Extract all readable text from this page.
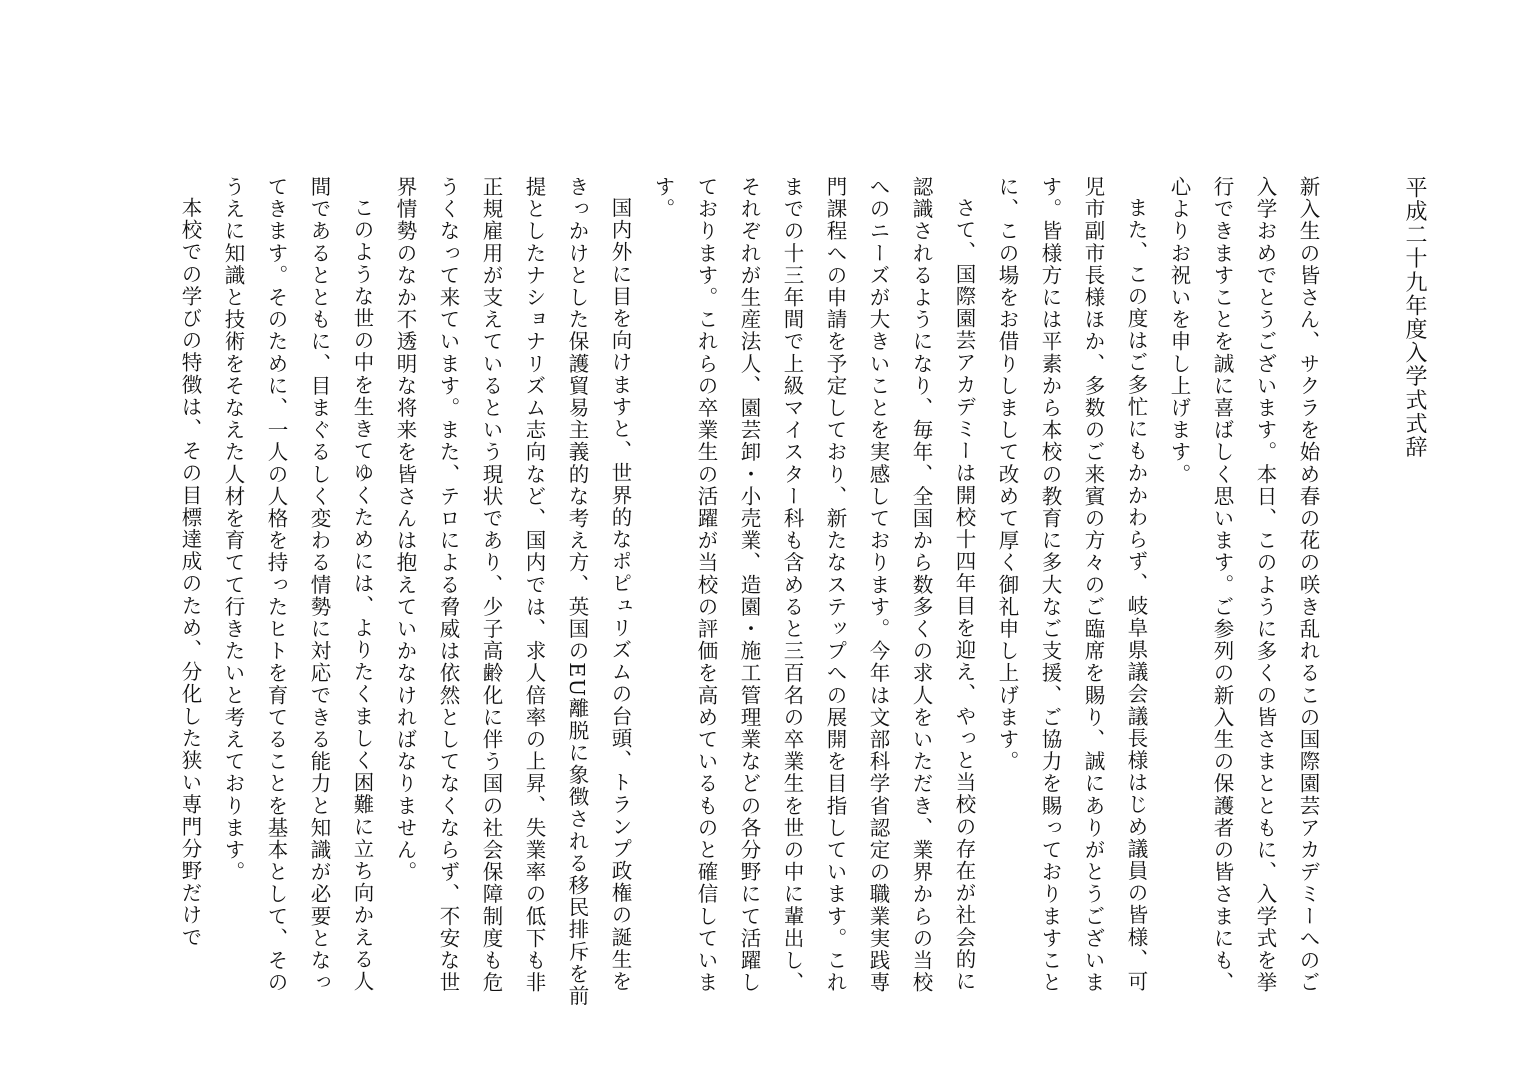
平成二十九年度入学式式辞

新入生の皆さん、サクラを始め春の花の咲き乱れるこの国際園芸アカデミーへのご入学おめでとうございます。本日、このように多くの皆さまとともに、入学式を挙行できますことを誠に喜ばしく思います。ご参列の新入生の保護者の皆さまにも、心よりお祝いを申し上げます。

また、この度はご多忙にもかかわらず、岐阜県議会議長様はじめ議員の皆様、可児市副市長様ほか、多数のご来賓の方々のご臨席を賜り、誠にありがとうございます。皆様方には平素から本校の教育に多大なご支援、ご協力を賜っておりますことに、この場をお借りしまして改めて厚く御礼申し上げます。

さて、国際園芸アカデミーは開校十四年目を迎え、やっと当校の存在が社会的に認識されるようになり、毎年、全国から数多くの求人をいただき、業界からの当校へのニーズが大きいことを実感しております。今年は文部科学省認定の職業実践専門課程への申請を予定しており、新たなステップへの展開を目指しています。これまでの十三年間で上級マイスター科も含めると三百名の卒業生を世の中に輩出し、それぞれが生産法人、園芸卸・小売業、造園・施工管理業などの各分野にて活躍しております。これらの卒業生の活躍が当校の評価を高めているものと確信しています。

国内外に目を向けますと、世界的なポピュリズムの台頭、トランプ政権の誕生をきっかけとした保護貿易主義的な考え方、英国のEU離脱に象徴される移民排斥を前提としたナショナリズム志向など、国内では、求人倍率の上昇、失業率の低下も非正規雇用が支えているという現状であり、少子高齢化に伴う国の社会保障制度も危うくなって来ています。また、テロによる脅威は依然としてなくならず、不安な世界情勢のなか不透明な将来を皆さんは抱えていかなければなりません。

このような世の中を生きてゆくためには、よりたくましく困難に立ち向かえる人間であるとともに、目まぐるしく変わる情勢に対応できる能力と知識が必要となってきます。そのために、一人の人格を持ったヒトを育てることを基本として、そのうえに知識と技術をそなえた人材を育てて行きたいと考えております。

本校での学びの特徴は、その目標達成のため、分化した狭い専門分野だけで
